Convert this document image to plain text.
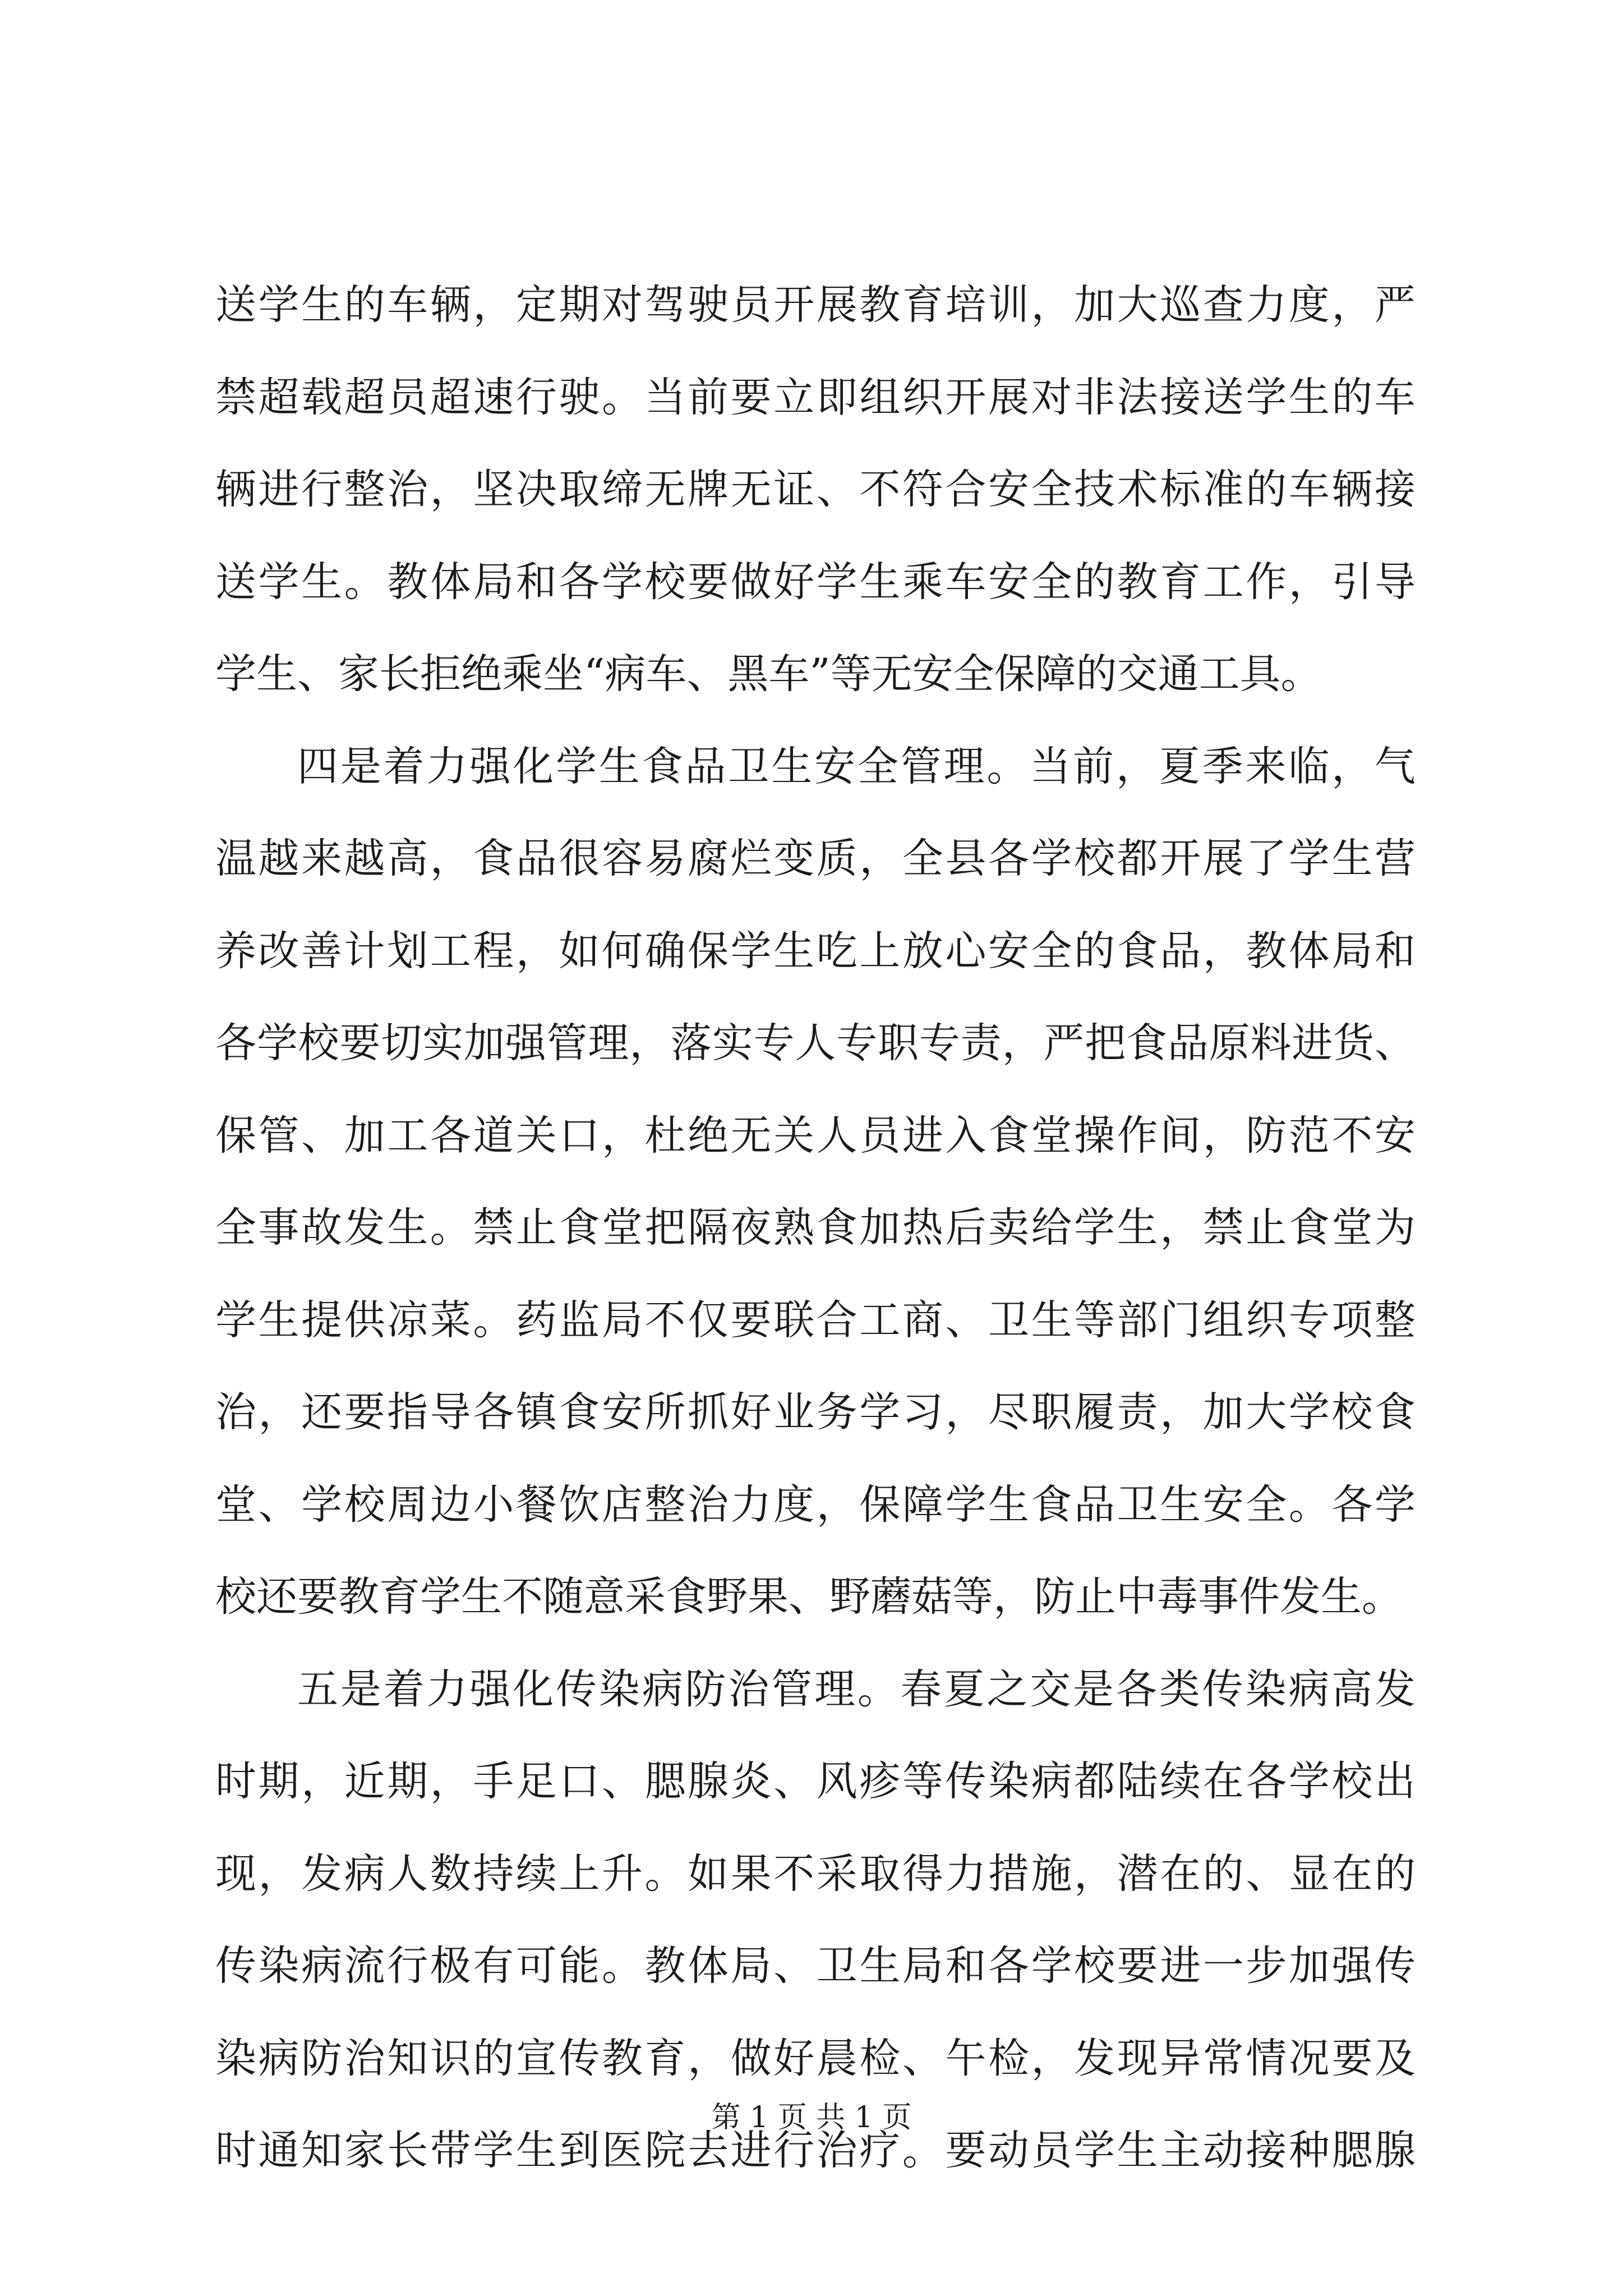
送学生的车辆，定期对驾驶员开展教育培训，加大巡查力度，严
禁超载超员超速行驶。当前要立即组织开展对非法接送学生的车
辆进行整治，坚决取缔无牌无证、不符合安全技术标准的车辆接
送学生。教体局和各学校要做好学生乘车安全的教育工作，引导
学生、家长拒绝乘坐“病车、黑车”等无安全保障的交通工具。
四是着力强化学生食品卫生安全管理。当前，夏季来临，气
温越来越高，食品很容易腐烂变质，全县各学校都开展了学生营
养改善计划工程，如何确保学生吃上放心安全的食品，教体局和
各学校要切实加强管理，落实专人专职专责，严把食品原料进货、
保管、加工各道关口，杜绝无关人员进入食堂操作间，防范不安
全事故发生。禁止食堂把隔夜熟食加热后卖给学生，禁止食堂为
学生提供凉菜。药监局不仅要联合工商、卫生等部门组织专项整
治，还要指导各镇食安所抓好业务学习，尽职履责，加大学校食
堂、学校周边小餐饮店整治力度，保障学生食品卫生安全。各学
校还要教育学生不随意采食野果、野蘑菇等，防止中毒事件发生。
五是着力强化传染病防治管理。春夏之交是各类传染病高发
时期，近期，手足口、腮腺炎、风疹等传染病都陆续在各学校出
现，发病人数持续上升。如果不采取得力措施，潜在的、显在的
传染病流行极有可能。教体局、卫生局和各学校要进一步加强传
染病防治知识的宣传教育，做好晨检、午检，发现异常情况要及
时通知家长带学生到医院去进行治疗。要动员学生主动接种腮腺
第 1 页 共 1 页
